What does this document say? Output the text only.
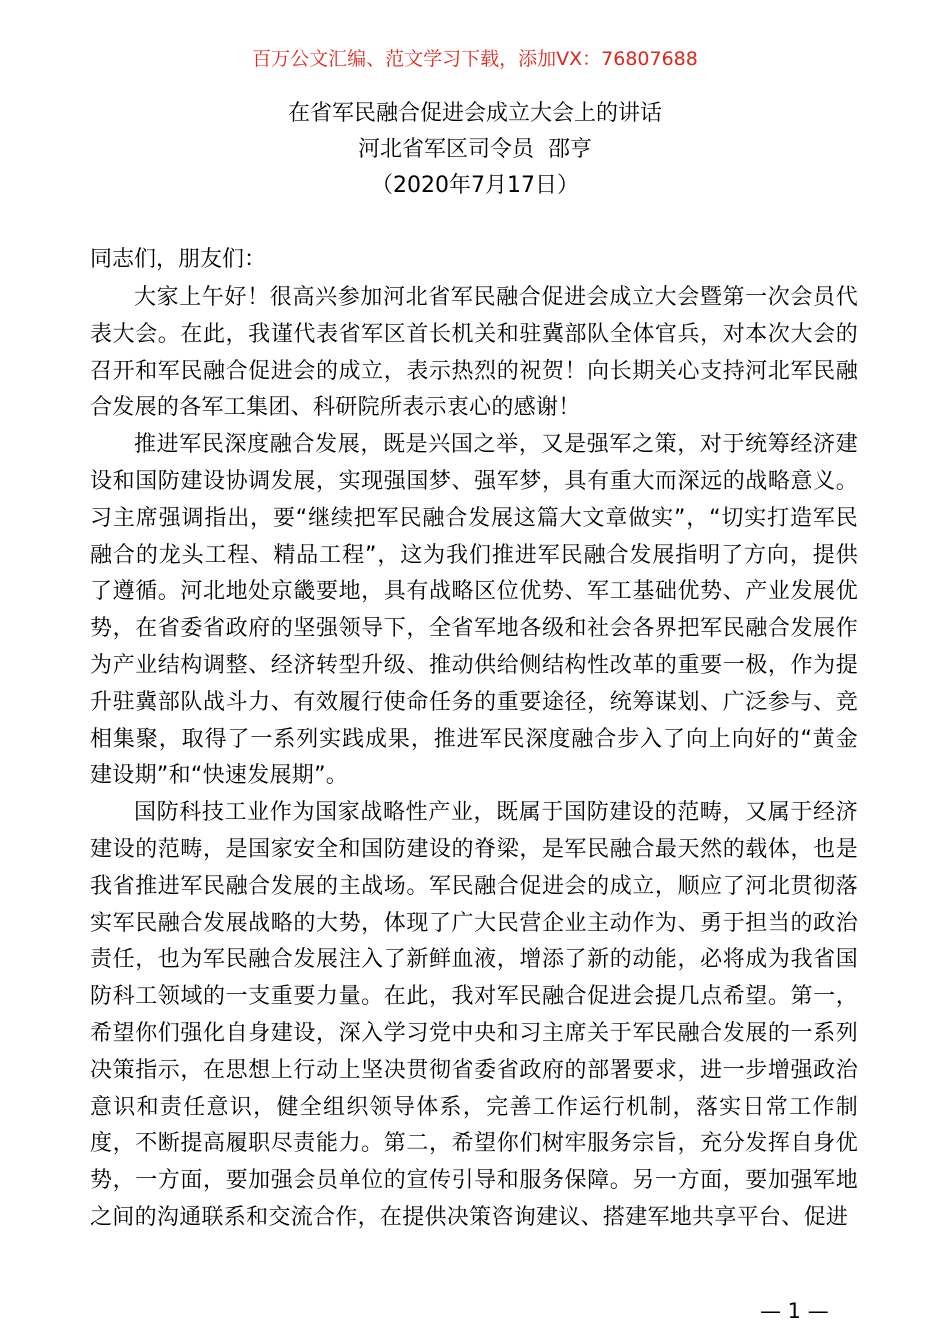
百万公文汇编、范文学习下载，添加VX：76807688
在省军民融合促进会成立大会上的讲话
河北省军区司令员  邵亨
（2020年7月17日）
同志们，朋友们：

大家上午好！很高兴参加河北省军民融合促进会成立大会暨第一次会员代表大会。在此，我谨代表省军区首长机关和驻冀部队全体官兵，对本次大会的召开和军民融合促进会的成立，表示热烈的祝贺！向长期关心支持河北军民融合发展的各军工集团、科研院所表示衷心的感谢！

推进军民深度融合发展，既是兴国之举，又是强军之策，对于统筹经济建设和国防建设协调发展，实现强国梦、强军梦，具有重大而深远的战略意义。习主席强调指出，要“继续把军民融合发展这篇大文章做实”，“切实打造军民融合的龙头工程、精品工程”，这为我们推进军民融合发展指明了方向，提供了遵循。河北地处京畿要地，具有战略区位优势、军工基础优势、产业发展优势，在省委省政府的坚强领导下，全省军地各级和社会各界把军民融合发展作为产业结构调整、经济转型升级、推动供给侧结构性改革的重要一极，作为提升驻冀部队战斗力、有效履行使命任务的重要途径，统筹谋划、广泛参与、竞相集聚，取得了一系列实践成果，推进军民深度融合步入了向上向好的“黄金建设期”和“快速发展期”。

国防科技工业作为国家战略性产业，既属于国防建设的范畴，又属于经济建设的范畴，是国家安全和国防建设的脊梁，是军民融合最天然的载体，也是我省推进军民融合发展的主战场。军民融合促进会的成立，顺应了河北贯彻落实军民融合发展战略的大势，体现了广大民营企业主动作为、勇于担当的政治责任，也为军民融合发展注入了新鲜血液，增添了新的动能，必将成为我省国防科工领域的一支重要力量。在此，我对军民融合促进会提几点希望。第一，希望你们强化自身建设，深入学习党中央和习主席关于军民融合发展的一系列决策指示，在思想上行动上坚决贯彻省委省政府的部署要求，进一步增强政治意识和责任意识，健全组织领导体系，完善工作运行机制，落实日常工作制度，不断提高履职尽责能力。第二，希望你们树牢服务宗旨，充分发挥自身优势，一方面，要加强会员单位的宣传引导和服务保障。另一方面，要加强军地之间的沟通联系和交流合作，在提供决策咨询建议、搭建军地共享平台、促进

— 1 —
